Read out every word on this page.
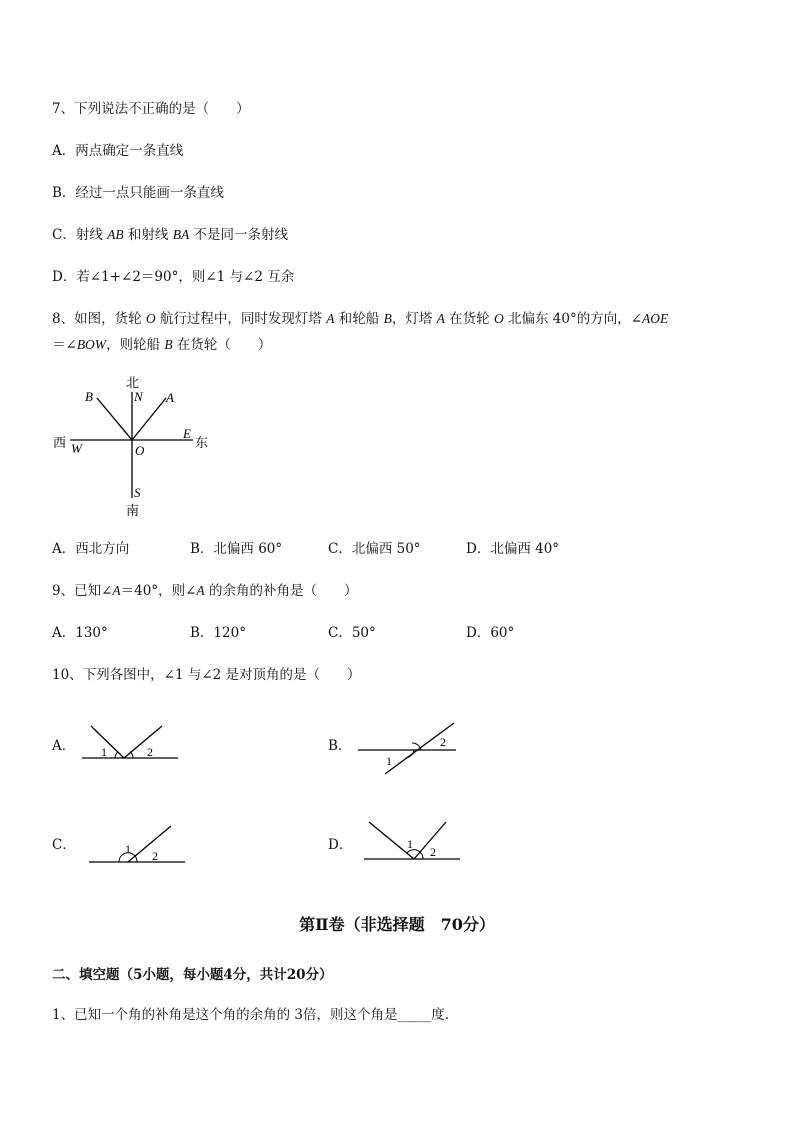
7、下列说法不正确的是（　　）
A．两点确定一条直线
B．经过一点只能画一条直线
C．射线 AB 和射线 BA 不是同一条射线
D．若∠1+∠2＝90°，则∠1 与∠2 互余
8、如图，货轮 O 航行过程中，同时发现灯塔 A 和轮船 B，灯塔 A 在货轮 O 北偏东 40°的方向，∠AOE
＝∠BOW，则轮船 B 在货轮（　　）
北
南
东
西
N
S
E
W	O
A
B
A．西北方向	B．北偏西 60°	C．北偏西 50°	D．北偏西 40°
9、已知∠A＝40°，则∠A 的余角的补角是（　　）
A．130°	B．120°	C．50°	D．60°
10、下列各图中，∠1 与∠2 是对顶角的是（　　）
A．	B．
C．	D．
1	2
1
2
1 2
1
2
第Ⅱ卷（非选择题　70分）
二、填空题（5小题，每小题4分，共计20分）
1、已知一个角的补角是这个角的余角的 3倍，则这个角是_____度.
